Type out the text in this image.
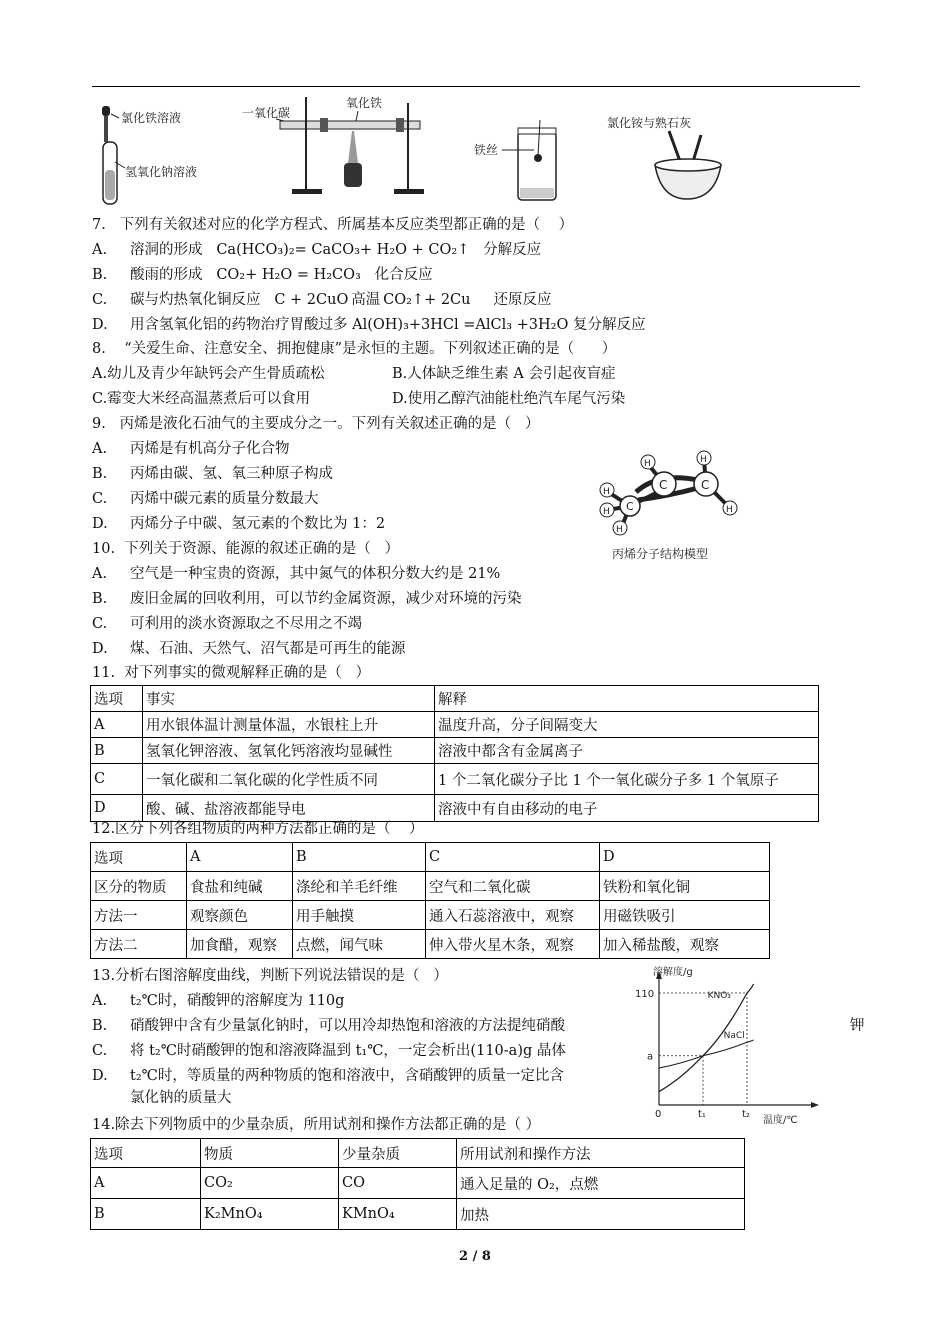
氯化铁溶液
氢氧化钠溶液
一氧化碳
氧化铁
铁丝
氯化铵与熟石灰
7.   下列有关叙述对应的化学方程式、所属基本反应类型都正确的是（    ）
A. 溶洞的形成   Ca(HCO₃)₂= CaCO₃+ H₂O + CO₂↑   分解反应
B. 酸雨的形成   CO₂+ H₂O = H₂CO₃   化合反应
C. 碳与灼热氧化铜反应   C + 2CuO 高温 CO₂↑+ 2Cu     还原反应
D. 用含氢氧化铝的药物治疗胃酸过多 Al(OH)₃+3HCl =AlCl₃ +3H₂O 复分解反应
8.    “关爱生命、注意安全、拥抱健康”是永恒的主题。下列叙述正确的是（      ）
A.幼儿及青少年缺钙会产生骨质疏松	B.人体缺乏维生素 A 会引起夜盲症
C.霉变大米经高温蒸煮后可以食用	D.使用乙醇汽油能杜绝汽车尾气污染
9.   丙烯是液化石油气的主要成分之一。下列有关叙述正确的是（   ）
A. 丙烯是有机高分子化合物
B. 丙烯由碳、氢、氧三种原子构成
C. 丙烯中碳元素的质量分数最大
D. 丙烯分子中碳、氢元素的个数比为 1：2
C	C
C
H	H
H
H
H
H
丙烯分子结构模型
10.  下列关于资源、能源的叙述正确的是（   ）
A. 空气是一种宝贵的资源，其中氮气的体积分数大约是 21%
B. 废旧金属的回收利用，可以节约金属资源，减少对环境的污染
C. 可利用的淡水资源取之不尽用之不竭
D. 煤、石油、天然气、沼气都是可再生的能源
11.  对下列事实的微观解释正确的是（   ）
选项	事实	解释
A	用水银体温计测量体温，水银柱上升	温度升高，分子间隔变大
B	氢氧化钾溶液、氢氧化钙溶液均显碱性	溶液中都含有金属离子
C	一氧化碳和二氧化碳的化学性质不同	1 个二氧化碳分子比 1 个一氧化碳分子多 1 个氧原子
D	酸、碱、盐溶液都能导电	溶液中有自由移动的电子
12.区分下列各组物质的两种方法都正确的是（    ）
选项	A	B	C	D
区分的物质	食盐和纯碱	涤纶和羊毛纤维	空气和二氧化碳	铁粉和氧化铜
方法一	观察颜色	用手触摸	通入石蕊溶液中，观察	用磁铁吸引
方法二	加食醋，观察	点燃，闻气味	伸入带火星木条，观察	加入稀盐酸，观察
13.分析右图溶解度曲线，判断下列说法错误的是（   ）
A. t₂℃时，硝酸钾的溶解度为 110g
B. 硝酸钾中含有少量氯化钠时，可以用冷却热饱和溶液的方法提纯硝酸	钾
C. 将 t₂℃时硝酸钾的饱和溶液降温到 t₁℃，一定会析出(110-a)g 晶体
D. t₂℃时，等质量的两种物质的饱和溶液中，含硝酸钾的质量一定比含
氯化钠的质量大
溶解度/g
温度/℃
0	t₁	t₂
a
110	KNO₃
NaCl
14.除去下列物质中的少量杂质，所用试剂和操作方法都正确的是（ ）
选项	物质	少量杂质	所用试剂和操作方法
A	CO₂	CO	通入足量的 O₂，点燃
B	K₂MnO₄	KMnO₄	加热
2 / 8
